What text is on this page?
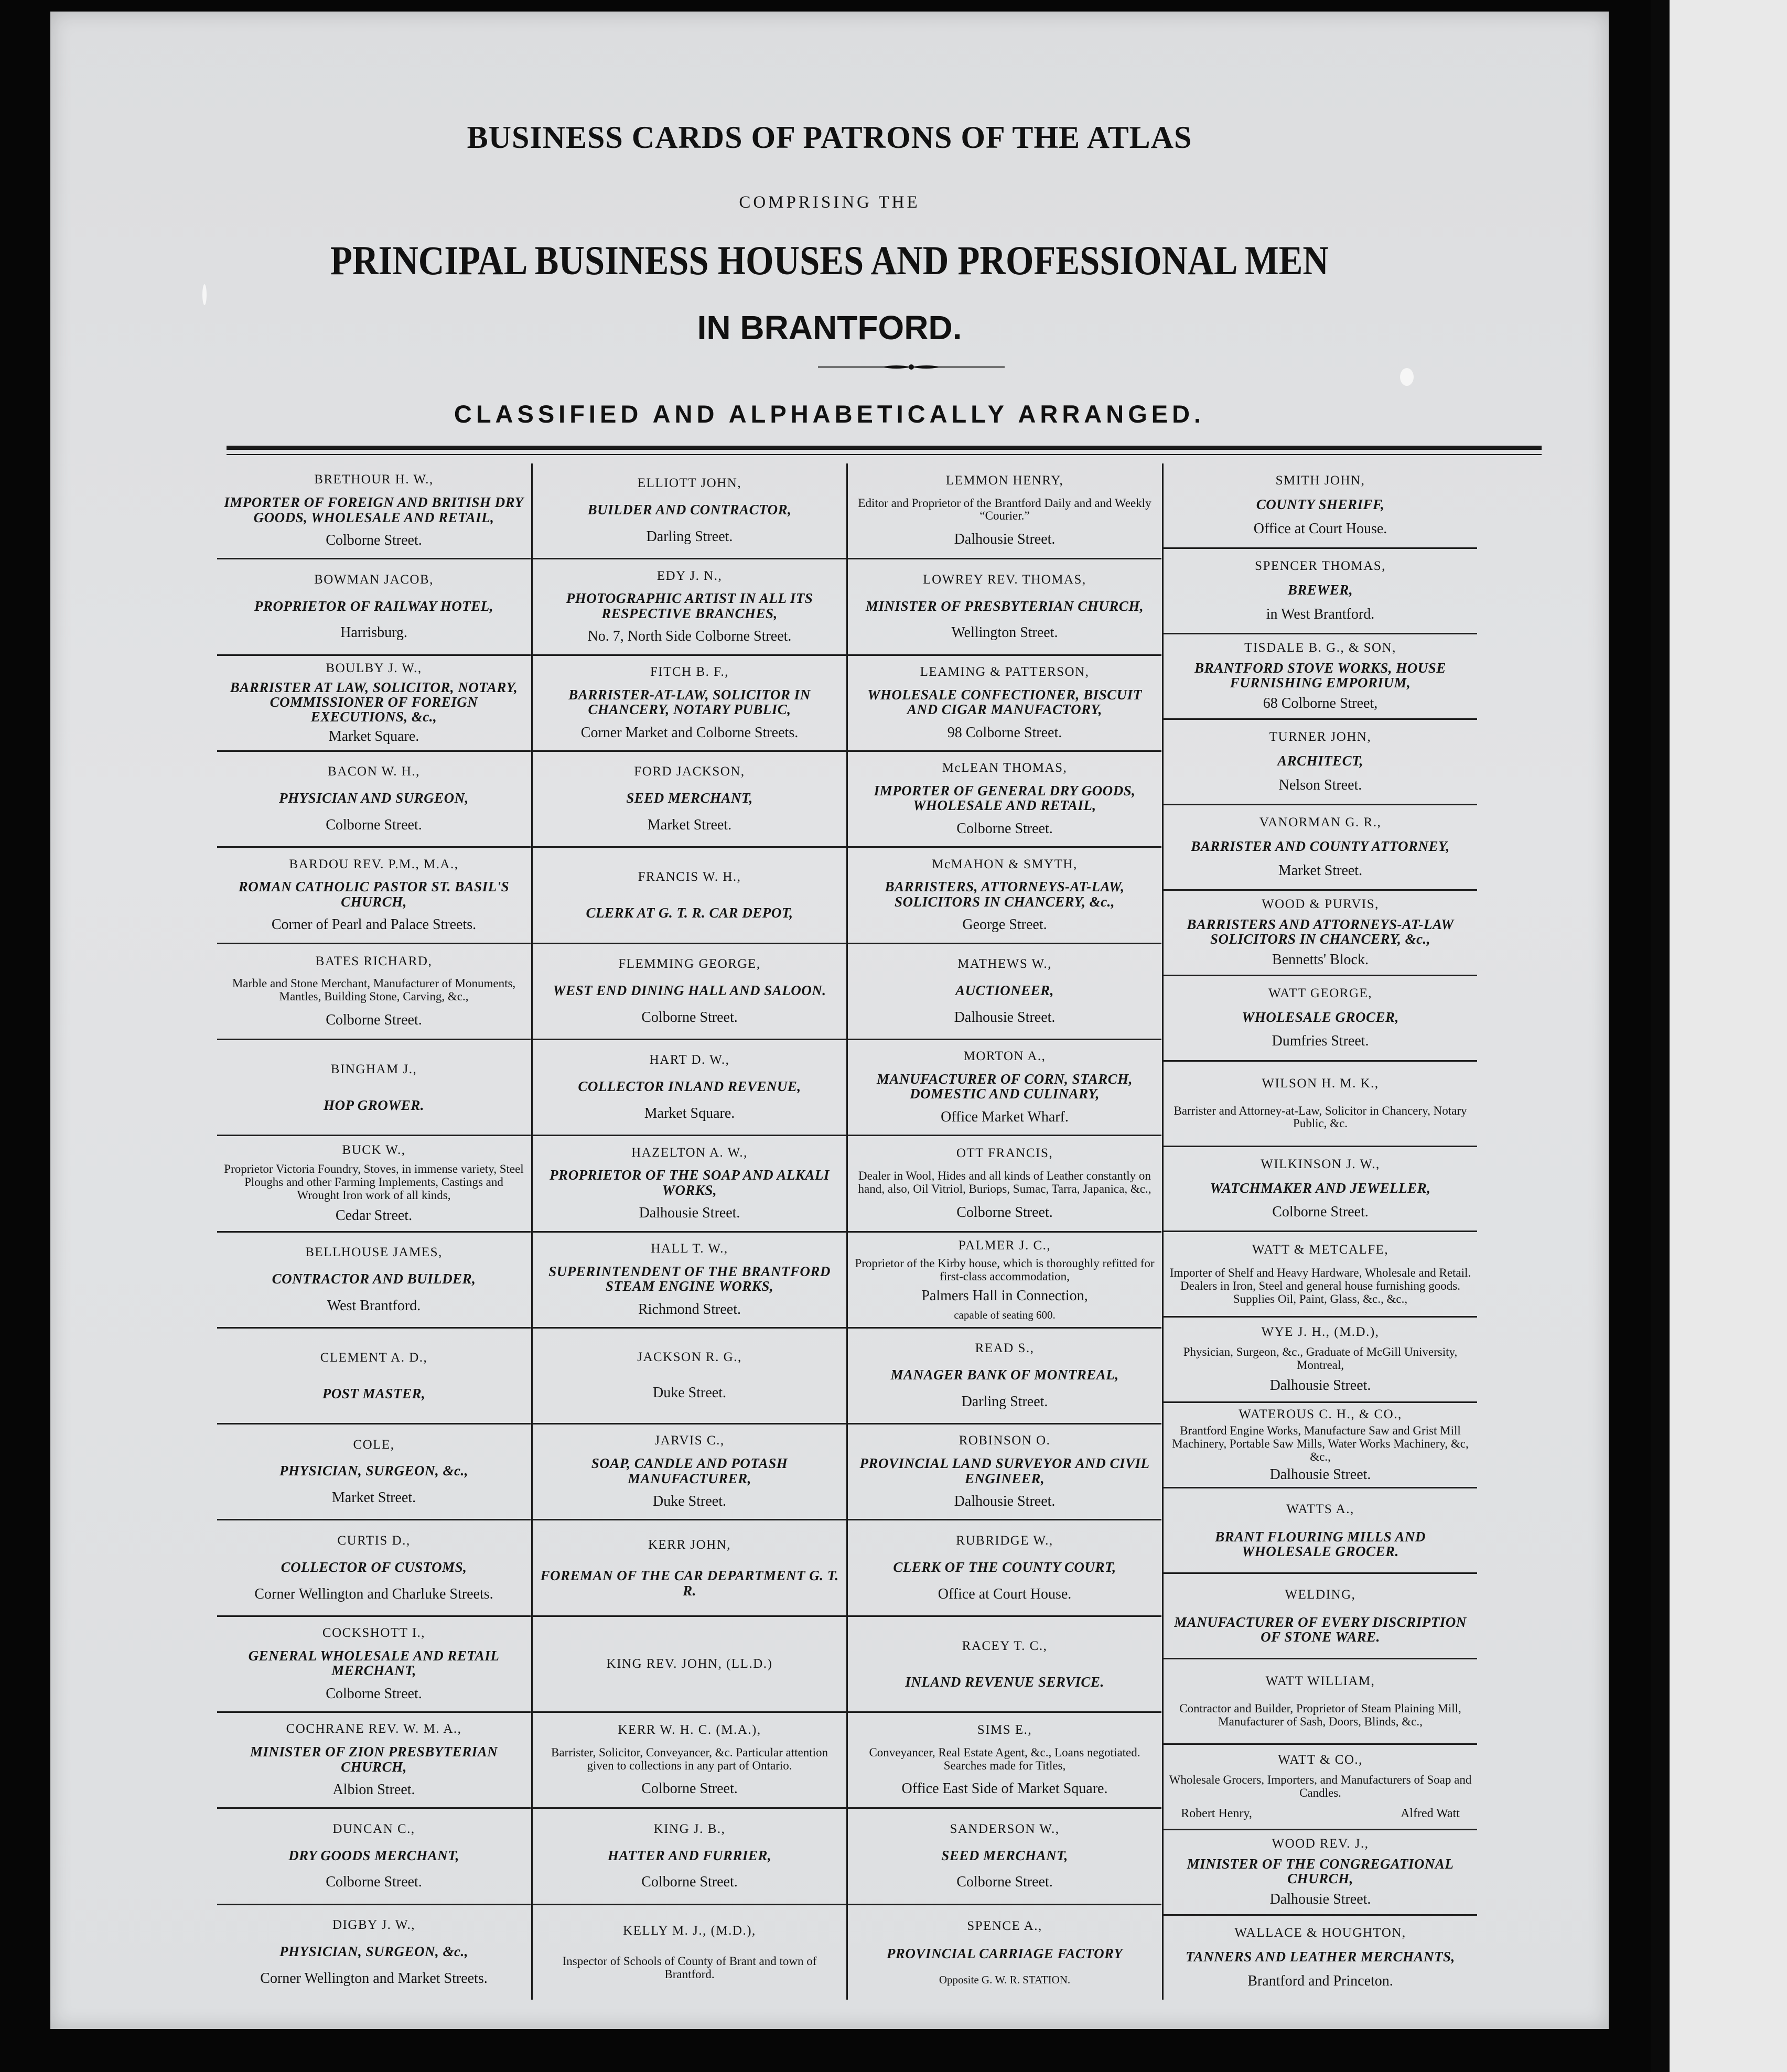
BUSINESS CARDS OF PATRONS OF THE ATLAS
COMPRISING THE
PRINCIPAL BUSINESS HOUSES AND PROFESSIONAL MEN
IN BRANTFORD.
CLASSIFIED AND ALPHABETICALLY ARRANGED.
BRETHOUR H. W.,
IMPORTER OF FOREIGN AND BRITISH DRY GOODS, WHOLESALE AND RETAIL,
Colborne Street.
BOWMAN JACOB,
PROPRIETOR OF RAILWAY HOTEL,
Harrisburg.
BOULBY J. W.,
BARRISTER AT LAW, SOLICITOR, NOTARY, COMMISSIONER OF FOREIGN EXECUTIONS, &c.,
Market Square.
BACON W. H.,
PHYSICIAN AND SURGEON,
Colborne Street.
BARDOU REV. P.M., M.A.,
ROMAN CATHOLIC PASTOR ST. BASIL'S CHURCH,
Corner of Pearl and Palace Streets.
BATES RICHARD,
Marble and Stone Merchant, Manufacturer of Monuments, Mantles, Building Stone, Carving, &c.,
Colborne Street.
BINGHAM J.,
HOP GROWER.
BUCK W.,
Proprietor Victoria Foundry, Stoves, in immense variety, Steel Ploughs and other Farming Implements, Castings and Wrought Iron work of all kinds,
Cedar Street.
BELLHOUSE JAMES,
CONTRACTOR AND BUILDER,
West Brantford.
CLEMENT A. D.,
POST MASTER,
COLE,
PHYSICIAN, SURGEON, &c.,
Market Street.
CURTIS D.,
COLLECTOR OF CUSTOMS,
Corner Wellington and Charluke Streets.
COCKSHOTT I.,
GENERAL WHOLESALE AND RETAIL MERCHANT,
Colborne Street.
COCHRANE REV. W. M. A.,
MINISTER OF ZION PRESBYTERIAN CHURCH,
Albion Street.
DUNCAN C.,
DRY GOODS MERCHANT,
Colborne Street.
DIGBY J. W.,
PHYSICIAN, SURGEON, &c.,
Corner Wellington and Market Streets.
ELLIOTT JOHN,
BUILDER AND CONTRACTOR,
Darling Street.
EDY J. N.,
PHOTOGRAPHIC ARTIST IN ALL ITS RESPECTIVE BRANCHES,
No. 7, North Side Colborne Street.
FITCH B. F.,
BARRISTER-AT-LAW, SOLICITOR IN CHANCERY, NOTARY PUBLIC,
Corner Market and Colborne Streets.
FORD JACKSON,
SEED MERCHANT,
Market Street.
FRANCIS W. H.,
CLERK AT G. T. R. CAR DEPOT,
FLEMMING GEORGE,
WEST END DINING HALL AND SALOON.
Colborne Street.
HART D. W.,
COLLECTOR INLAND REVENUE,
Market Square.
HAZELTON A. W.,
PROPRIETOR OF THE SOAP AND ALKALI WORKS,
Dalhousie Street.
HALL T. W.,
SUPERINTENDENT OF THE BRANTFORD STEAM ENGINE WORKS,
Richmond Street.
JACKSON R. G.,
Duke Street.
JARVIS C.,
SOAP, CANDLE AND POTASH MANUFACTURER,
Duke Street.
KERR JOHN,
FOREMAN OF THE CAR DEPARTMENT G. T. R.
KING REV. JOHN, (LL.D.)
KERR W. H. C. (M.A.),
Barrister, Solicitor, Conveyancer, &c. Particular attention given to collections in any part of Ontario.
Colborne Street.
KING J. B.,
HATTER AND FURRIER,
Colborne Street.
KELLY M. J., (M.D.),
Inspector of Schools of County of Brant and town of Brantford.
LEMMON HENRY,
Editor and Proprietor of the Brantford Daily and and Weekly “Courier.”
Dalhousie Street.
LOWREY REV. THOMAS,
MINISTER OF PRESBYTERIAN CHURCH,
Wellington Street.
LEAMING & PATTERSON,
WHOLESALE CONFECTIONER, BISCUIT AND CIGAR MANUFACTORY,
98 Colborne Street.
McLEAN THOMAS,
IMPORTER OF GENERAL DRY GOODS, WHOLESALE AND RETAIL,
Colborne Street.
McMAHON & SMYTH,
BARRISTERS, ATTORNEYS-AT-LAW, SOLICITORS IN CHANCERY, &c.,
George Street.
MATHEWS W.,
AUCTIONEER,
Dalhousie Street.
MORTON A.,
MANUFACTURER OF CORN, STARCH, DOMESTIC AND CULINARY,
Office Market Wharf.
OTT FRANCIS,
Dealer in Wool, Hides and all kinds of Leather constantly on hand, also, Oil Vitriol, Buriops, Sumac, Tarra, Japanica, &c.,
Colborne Street.
PALMER J. C.,
Proprietor of the Kirby house, which is thoroughly refitted for first-class accommodation,
Palmers Hall in Connection,
capable of seating 600.
READ S.,
MANAGER BANK OF MONTREAL,
Darling Street.
ROBINSON O.
PROVINCIAL LAND SURVEYOR AND CIVIL ENGINEER,
Dalhousie Street.
RUBRIDGE W.,
CLERK OF THE COUNTY COURT,
Office at Court House.
RACEY T. C.,
INLAND REVENUE SERVICE.
SIMS E.,
Conveyancer, Real Estate Agent, &c., Loans negotiated. Searches made for Titles,
Office East Side of Market Square.
SANDERSON W.,
SEED MERCHANT,
Colborne Street.
SPENCE A.,
PROVINCIAL CARRIAGE FACTORY
Opposite G. W. R. STATION.
SMITH JOHN,
COUNTY SHERIFF,
Office at Court House.
SPENCER THOMAS,
BREWER,
in West Brantford.
TISDALE B. G., & SON,
BRANTFORD STOVE WORKS, HOUSE FURNISHING EMPORIUM,
68 Colborne Street,
TURNER JOHN,
ARCHITECT,
Nelson Street.
VANORMAN G. R.,
BARRISTER AND COUNTY ATTORNEY,
Market Street.
WOOD & PURVIS,
BARRISTERS AND ATTORNEYS-AT-LAW SOLICITORS IN CHANCERY, &c.,
Bennetts' Block.
WATT GEORGE,
WHOLESALE GROCER,
Dumfries Street.
WILSON H. M. K.,
Barrister and Attorney-at-Law, Solicitor in Chancery, Notary Public, &c.
WILKINSON J. W.,
WATCHMAKER AND JEWELLER,
Colborne Street.
WATT & METCALFE,
Importer of Shelf and Heavy Hardware, Wholesale and Retail. Dealers in Iron, Steel and general house furnishing goods. Supplies Oil, Paint, Glass, &c., &c.,
WYE J. H., (M.D.),
Physician, Surgeon, &c., Graduate of McGill University, Montreal,
Dalhousie Street.
WATEROUS C. H., & CO.,
Brantford Engine Works, Manufacture Saw and Grist Mill Machinery, Portable Saw Mills, Water Works Machinery, &c, &c.,
Dalhousie Street.
WATTS A.,
BRANT FLOURING MILLS AND WHOLESALE GROCER.
WELDING,
MANUFACTURER OF EVERY DISCRIPTION OF STONE WARE.
WATT WILLIAM,
Contractor and Builder, Proprietor of Steam Plaining Mill, Manufacturer of Sash, Doors, Blinds, &c.,
WATT & CO.,
Wholesale Grocers, Importers, and Manufacturers of Soap and Candles.
Robert Henry,	Alfred Watt
WOOD REV. J.,
MINISTER OF THE CONGREGATIONAL CHURCH,
Dalhousie Street.
WALLACE & HOUGHTON,
TANNERS AND LEATHER MERCHANTS,
Brantford and Princeton.
